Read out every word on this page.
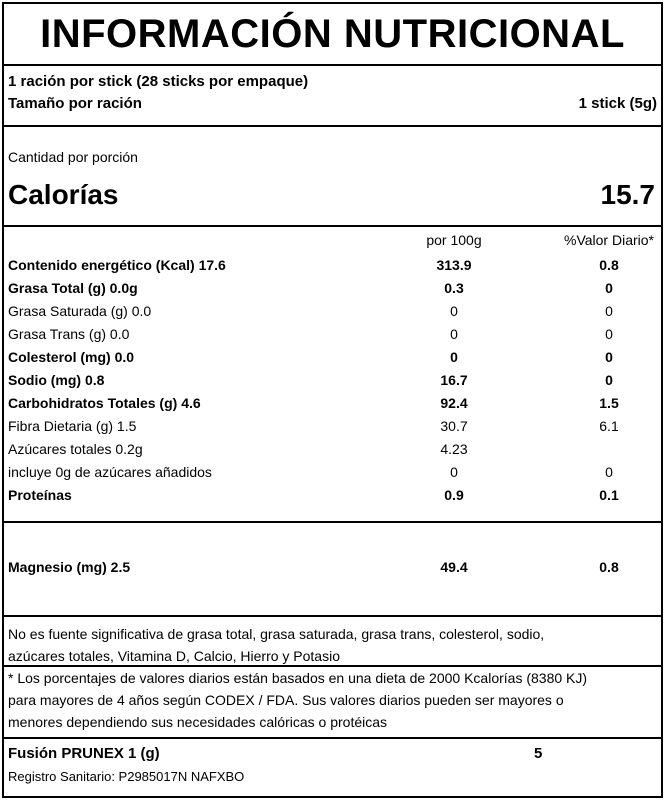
INFORMACIÓN NUTRICIONAL
1 ración por stick (28 sticks por empaque)
Tamaño por ración	1 stick (5g)
Cantidad por porción
Calorías	15.7
por 100g	%Valor Diario*
Contenido energético (Kcal) 17.6	313.9	0.8
Grasa Total (g) 0.0g	0.3	0
Grasa Saturada (g) 0.0	0	0
Grasa Trans (g) 0.0	0	0
Colesterol (mg) 0.0	0	0
Sodio (mg) 0.8	16.7	0
Carbohidratos Totales (g) 4.6	92.4	1.5
Fibra Dietaria (g) 1.5	30.7	6.1
Azúcares totales 0.2g	4.23
incluye 0g de azúcares añadidos	0	0
Proteínas	0.9	0.1
Magnesio (mg) 2.5	49.4	0.8
No es fuente significativa de grasa total, grasa saturada, grasa trans, colesterol, sodio,
azúcares totales, Vitamina D, Calcio, Hierro y Potasio
* Los porcentajes de valores diarios están basados en una dieta de 2000 Kcalorías (8380 KJ)
para mayores de 4 años según CODEX / FDA. Sus valores diarios pueden ser mayores o
menores dependiendo sus necesidades calóricas o protéicas
Fusión PRUNEX 1 (g)	5
Registro Sanitario: P2985017N NAFXBO
